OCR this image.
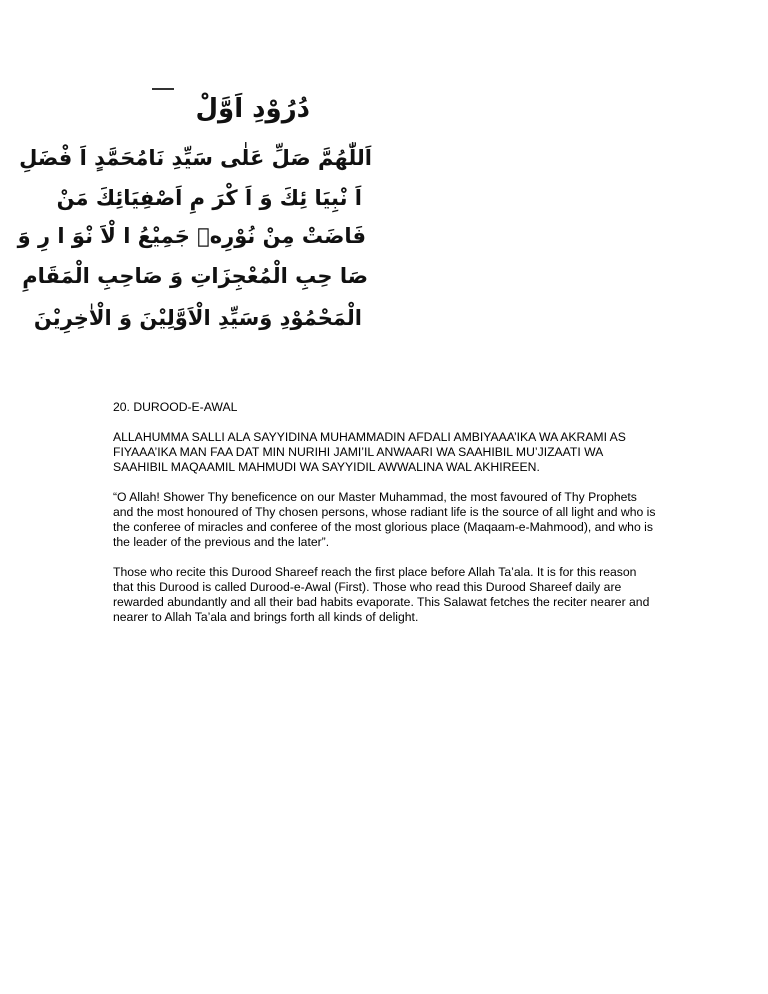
دُرُوْدِ اَوَّلْ

اَللّٰهُمَّ صَلِّ عَلٰى سَيِّدِ نَامُحَمَّدٍ اَ فْضَلِ

اَ نْبِيَا ئِكَ وَ اَ كْرَ مِ اَصْفِيَائِكَ مَنْ

فَاضَتْ مِنْ نُوْرِهٖ جَمِيْعُ ا لْاَ نْوَ ا رِ وَ

صَا حِبِ الْمُعْجِزَاتِ وَ صَاحِبِ الْمَقَامِ

الْمَحْمُوْدِ وَسَيِّدِ الْاَوَّلِيْنَ وَ الْاٰخِرِيْنَ

20. DUROOD-E-AWAL

ALLAHUMMA SALLI ALA SAYYIDINA MUHAMMADIN AFDALI AMBIYAAA’IKA WA AKRAMI AS FIYAAA’IKA MAN FAA DAT MIN NURIHI JAMI’IL ANWAARI WA SAAHIBIL MU’JIZAATI WA SAAHIBIL MAQAAMIL MAHMUDI WA SAYYIDIL AWWALINA WAL AKHIREEN.

“O Allah! Shower Thy beneficence on our Master Muhammad, the most favoured of Thy Prophets and the most honoured of Thy chosen persons, whose radiant life is the source of all light and who is the conferee of miracles and conferee of the most glorious place (Maqaam-e-Mahmood), and who is the leader of the previous and the later”.

Those who recite this Durood Shareef reach the first place before Allah Ta’ala. It is for this reason that this Durood is called Durood-e-Awal (First). Those who read this Durood Shareef daily are rewarded abundantly and all their bad habits evaporate. This Salawat fetches the reciter nearer and nearer to Allah Ta’ala and brings forth all kinds of delight.
